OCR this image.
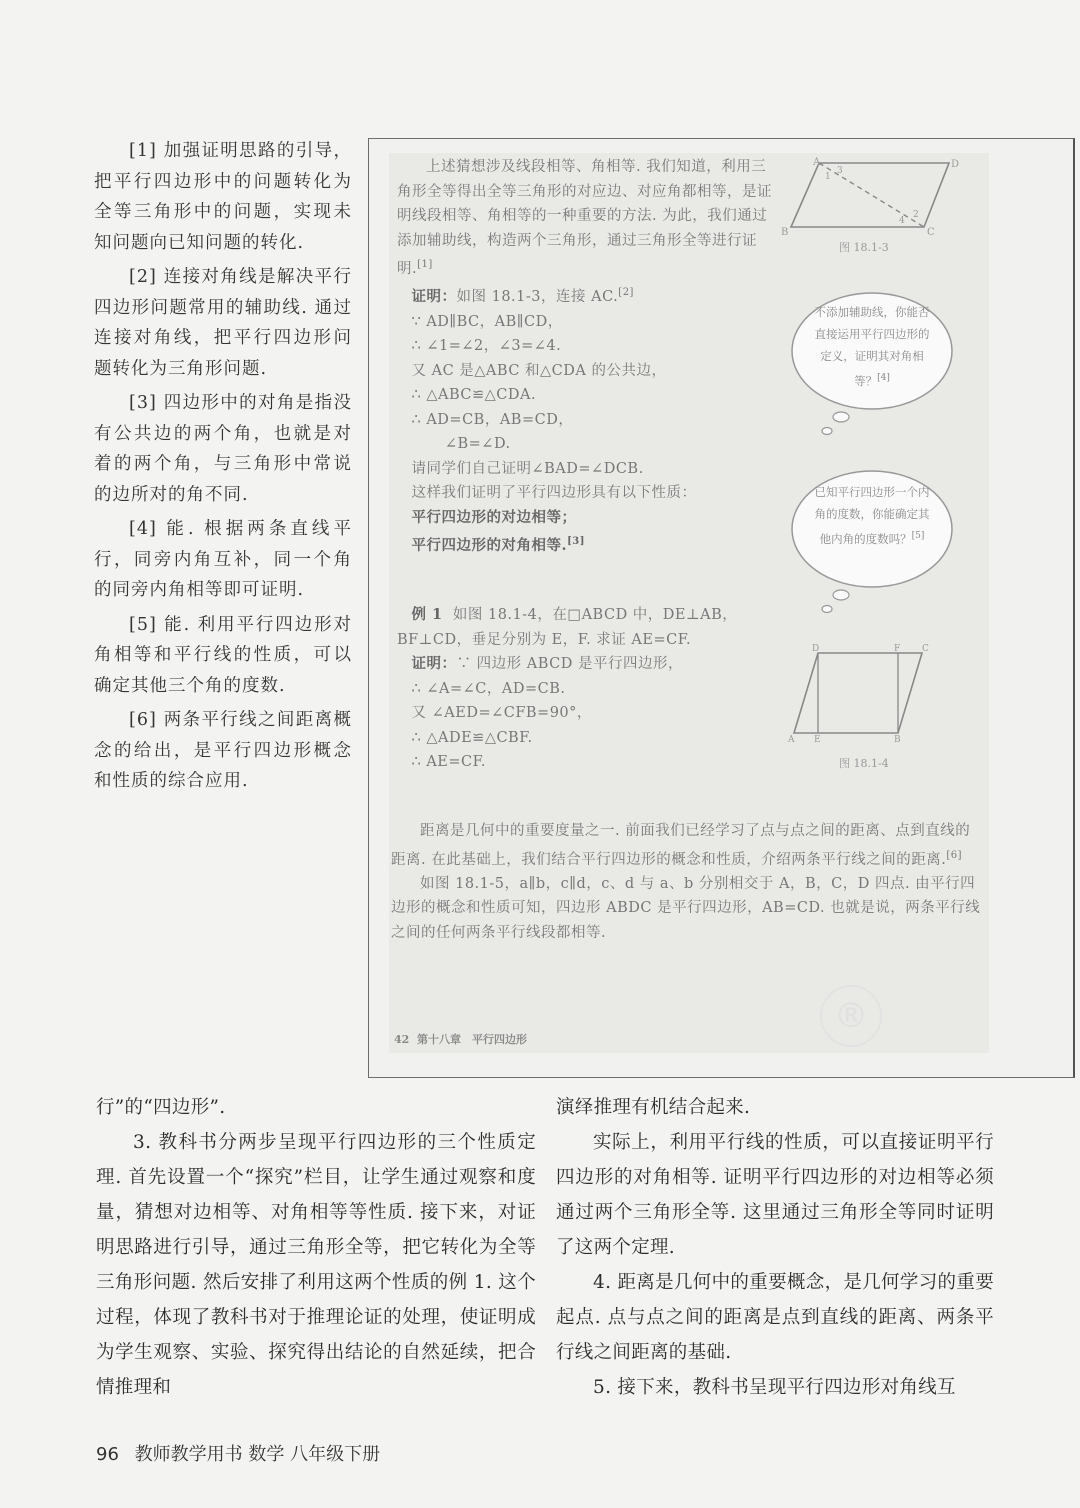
[1] 加强证明思路的引导，把平行四边形中的问题转化为全等三角形中的问题，实现未知问题向已知问题的转化.

[2] 连接对角线是解决平行四边形问题常用的辅助线. 通过连接对角线，把平行四边形问题转化为三角形问题.

[3] 四边形中的对角是指没有公共边的两个角，也就是对着的两个角，与三角形中常说的边所对的角不同.

[4] 能. 根据两条直线平行，同旁内角互补，同一个角的同旁内角相等即可证明.

[5] 能. 利用平行四边形对角相等和平行线的性质，可以确定其他三个角的度数.

[6] 两条平行线之间距离概念的给出，是平行四边形概念和性质的综合应用.

上述猜想涉及线段相等、角相等. 我们知道，利用三角形全等得出全等三角形的对应边、对应角都相等，是证明线段相等、角相等的一种重要的方法. 为此，我们通过添加辅助线，构造两个三角形，通过三角形全等进行证明.[1]

证明：如图 18.1-3，连接 AC.[2]

∵ AD∥BC，AB∥CD，

∴ ∠1=∠2，∠3=∠4.

又 AC 是△ABC 和△CDA 的公共边，

∴ △ABC≌△CDA.

∴ AD=CB，AB=CD，

∠B=∠D.

请同学们自己证明∠BAD=∠DCB.

这样我们证明了平行四边形具有以下性质：

平行四边形的对边相等；

平行四边形的对角相等.[3]

A	D
B	C
1
3
4
2
图 18.1-3
不添加辅助线，你能否直接运用平行四边形的定义，证明其对角相等？[4]
已知平行四边形一个内角的度数，你能确定其他内角的度数吗？[5]

例 1 如图 18.1-4，在□ABCD 中，DE⊥AB，BF⊥CD，垂足分别为 E，F. 求证 AE=CF.

证明：∵ 四边形 ABCD 是平行四边形，

∴ ∠A=∠C，AD=CB.

又 ∠AED=∠CFB=90°，

∴ △ADE≌△CBF.

∴ AE=CF.

D	F C
A E	B
图 18.1-4

距离是几何中的重要度量之一. 前面我们已经学习了点与点之间的距离、点到直线的距离. 在此基础上，我们结合平行四边形的概念和性质，介绍两条平行线之间的距离.[6]

如图 18.1-5，a∥b，c∥d，c、d 与 a、b 分别相交于 A，B，C，D 四点. 由平行四边形的概念和性质可知，四边形 ABDC 是平行四边形，AB=CD. 也就是说，两条平行线之间的任何两条平行线段都相等.

42 第十八章　平行四边形
®

行”的“四边形”.

3. 教科书分两步呈现平行四边形的三个性质定理. 首先设置一个“探究”栏目，让学生通过观察和度量，猜想对边相等、对角相等等性质. 接下来，对证明思路进行引导，通过三角形全等，把它转化为全等三角形问题. 然后安排了利用这两个性质的例 1. 这个过程，体现了教科书对于推理论证的处理，使证明成为学生观察、实验、探究得出结论的自然延续，把合情推理和

演绎推理有机结合起来.

实际上，利用平行线的性质，可以直接证明平行四边形的对角相等. 证明平行四边形的对边相等必须通过两个三角形全等. 这里通过三角形全等同时证明了这两个定理.

4. 距离是几何中的重要概念，是几何学习的重要起点. 点与点之间的距离是点到直线的距离、两条平行线之间距离的基础.

5. 接下来，教科书呈现平行四边形对角线互

96 教师教学用书 数学 八年级下册
